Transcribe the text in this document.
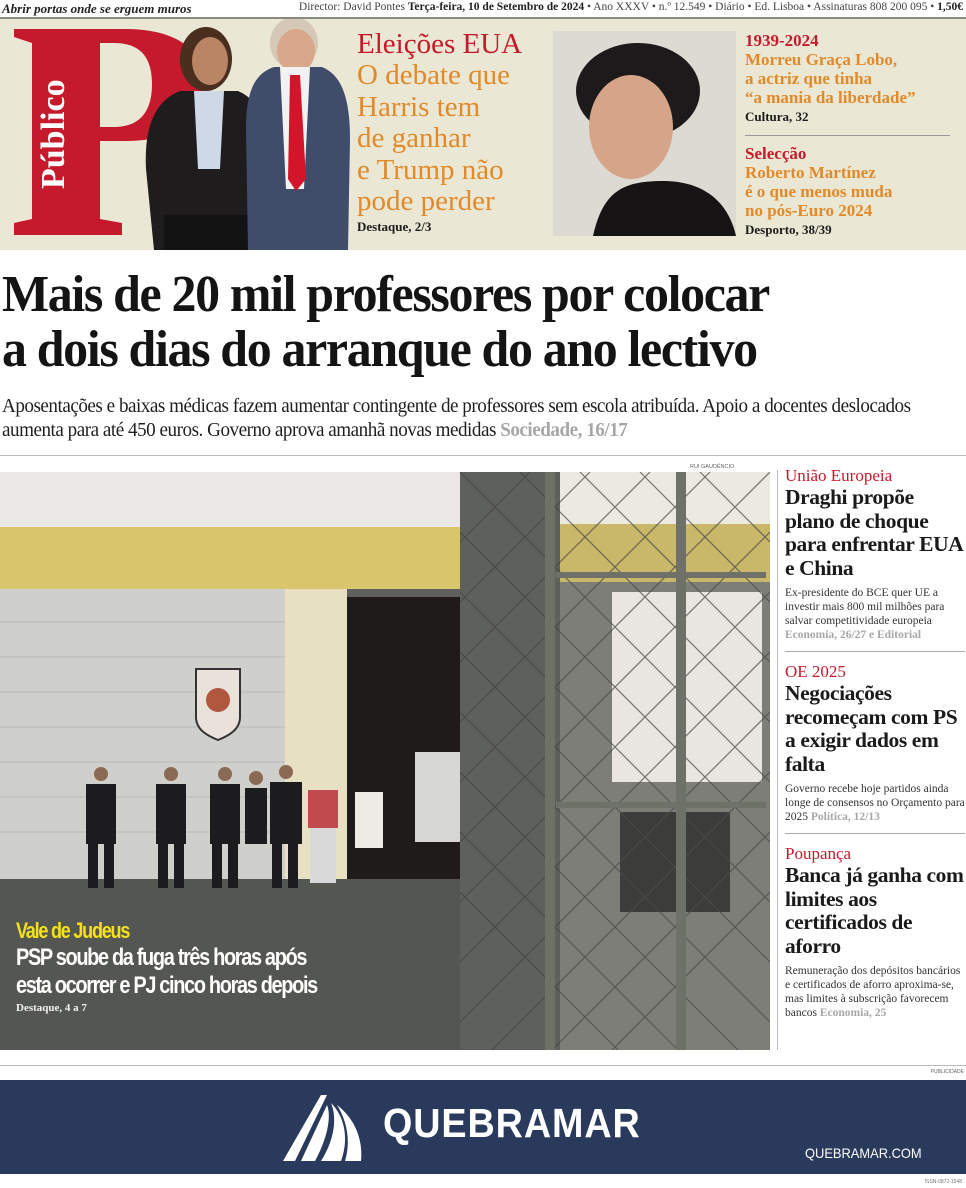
Abrir portas onde se erguem muros	Director: David Pontes Terça-feira, 10 de Setembro de 2024 • Ano XXXV • n.º 12.549 • Diário • Ed. Lisboa • Assinaturas 808 200 095 • 1,50€
Público
Eleições EUA
O debate que
Harris tem
de ganhar
e Trump não
pode perder
Destaque, 2/3
1939-2024
Morreu Graça Lobo,
a actriz que tinha
“a mania da liberdade”
Cultura, 32
Selecção
Roberto Martínez
é o que menos muda
no pós-Euro 2024
Desporto, 38/39
Mais de 20 mil professores por colocar
a dois dias do arranque do ano lectivo
Aposentações e baixas médicas fazem aumentar contingente de professores sem escola atribuída. Apoio a docentes deslocados aumenta para até 450 euros. Governo aprova amanhã novas medidas Sociedade, 16/17
RUI GAUDÊNCIO
Vale de Judeus
PSP soube da fuga três horas após
esta ocorrer e PJ cinco horas depois
Destaque, 4 a 7
União Europeia
Draghi propõe plano de choque para enfrentar EUA e China
Ex-presidente do BCE quer UE a investir mais 800 mil milhões para salvar competitividade europeia Economia, 26/27 e Editorial
OE 2025
Negociações recomeçam com PS a exigir dados em falta
Governo recebe hoje partidos ainda longe de consensos no Orçamento para 2025 Política, 12/13
Poupança
Banca já ganha com limites aos certificados de aforro
Remuneração dos depósitos bancários e certificados de aforro aproxima-se, mas limites à subscrição favorecem bancos Economia, 25
PUBLICIDADE
QUEBRAMAR
QUEBRAMAR.COM
ISSN-0872-1548
